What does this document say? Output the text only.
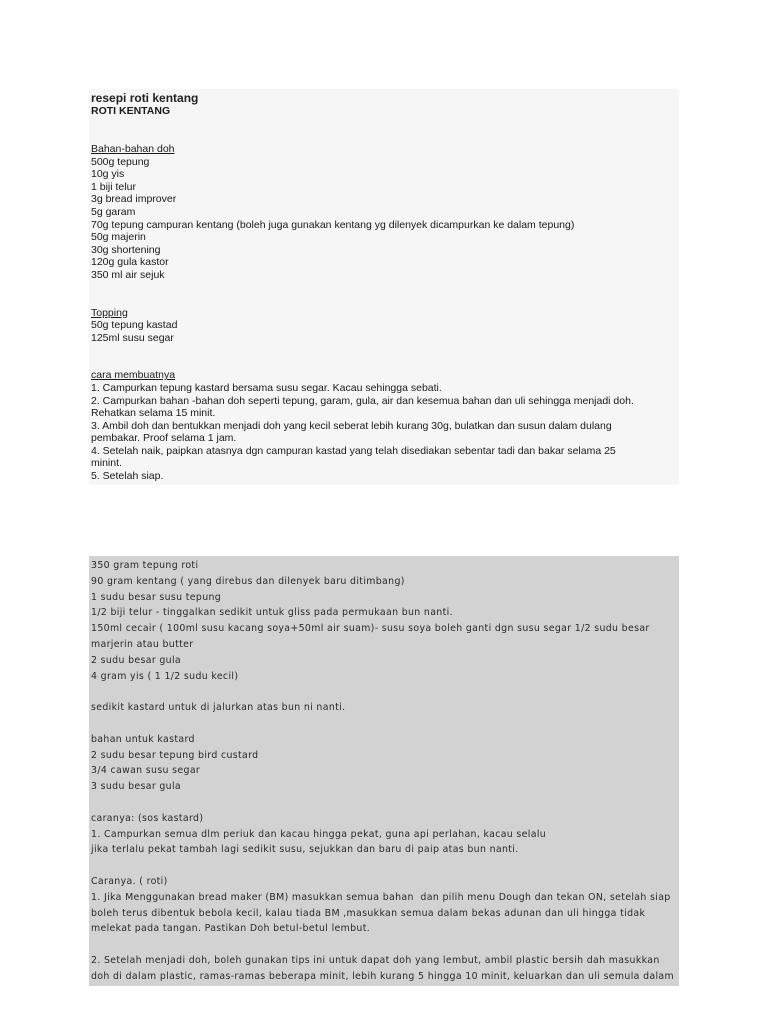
resepi roti kentang
ROTI KENTANG
Bahan-bahan doh
500g tepung
10g yis
1 biji telur
3g bread improver
5g garam
70g tepung campuran kentang (boleh juga gunakan kentang yg dilenyek dicampurkan ke dalam tepung)
50g majerin
30g shortening
120g gula kastor
350 ml air sejuk
Topping
50g tepung kastad
125ml susu segar
cara membuatnya
1. Campurkan tepung kastard bersama susu segar. Kacau sehingga sebati.
2. Campurkan bahan -bahan doh seperti tepung, garam, gula, air dan kesemua bahan dan uli sehingga menjadi doh.
Rehatkan selama 15 minit.
3. Ambil doh dan bentukkan menjadi doh yang kecil seberat lebih kurang 30g, bulatkan dan susun dalam dulang
pembakar. Proof selama 1 jam.
4. Setelah naik, paipkan atasnya dgn campuran kastad yang telah disediakan sebentar tadi dan bakar selama 25
minint.
5. Setelah siap.
350 gram tepung roti
90 gram kentang ( yang direbus dan dilenyek baru ditimbang)
1 sudu besar susu tepung
1/2 biji telur - tinggalkan sedikit untuk gliss pada permukaan bun nanti.
150ml cecair ( 100ml susu kacang soya+50ml air suam)- susu soya boleh ganti dgn susu segar 1/2 sudu besar
marjerin atau butter
2 sudu besar gula
4 gram yis ( 1 1/2 sudu kecil)
sedikit kastard untuk di jalurkan atas bun ni nanti.
bahan untuk kastard
2 sudu besar tepung bird custard
3/4 cawan susu segar
3 sudu besar gula
caranya: (sos kastard)
1. Campurkan semua dlm periuk dan kacau hingga pekat, guna api perlahan, kacau selalu
jika terlalu pekat tambah lagi sedikit susu, sejukkan dan baru di paip atas bun nanti.
Caranya. ( roti)
1. Jika Menggunakan bread maker (BM) masukkan semua bahan  dan pilih menu Dough dan tekan ON, setelah siap
boleh terus dibentuk bebola kecil, kalau tiada BM ,masukkan semua dalam bekas adunan dan uli hingga tidak
melekat pada tangan. Pastikan Doh betul-betul lembut.
2. Setelah menjadi doh, boleh gunakan tips ini untuk dapat doh yang lembut, ambil plastic bersih dah masukkan
doh di dalam plastic, ramas-ramas beberapa minit, lebih kurang 5 hingga 10 minit, keluarkan dan uli semula dalam
